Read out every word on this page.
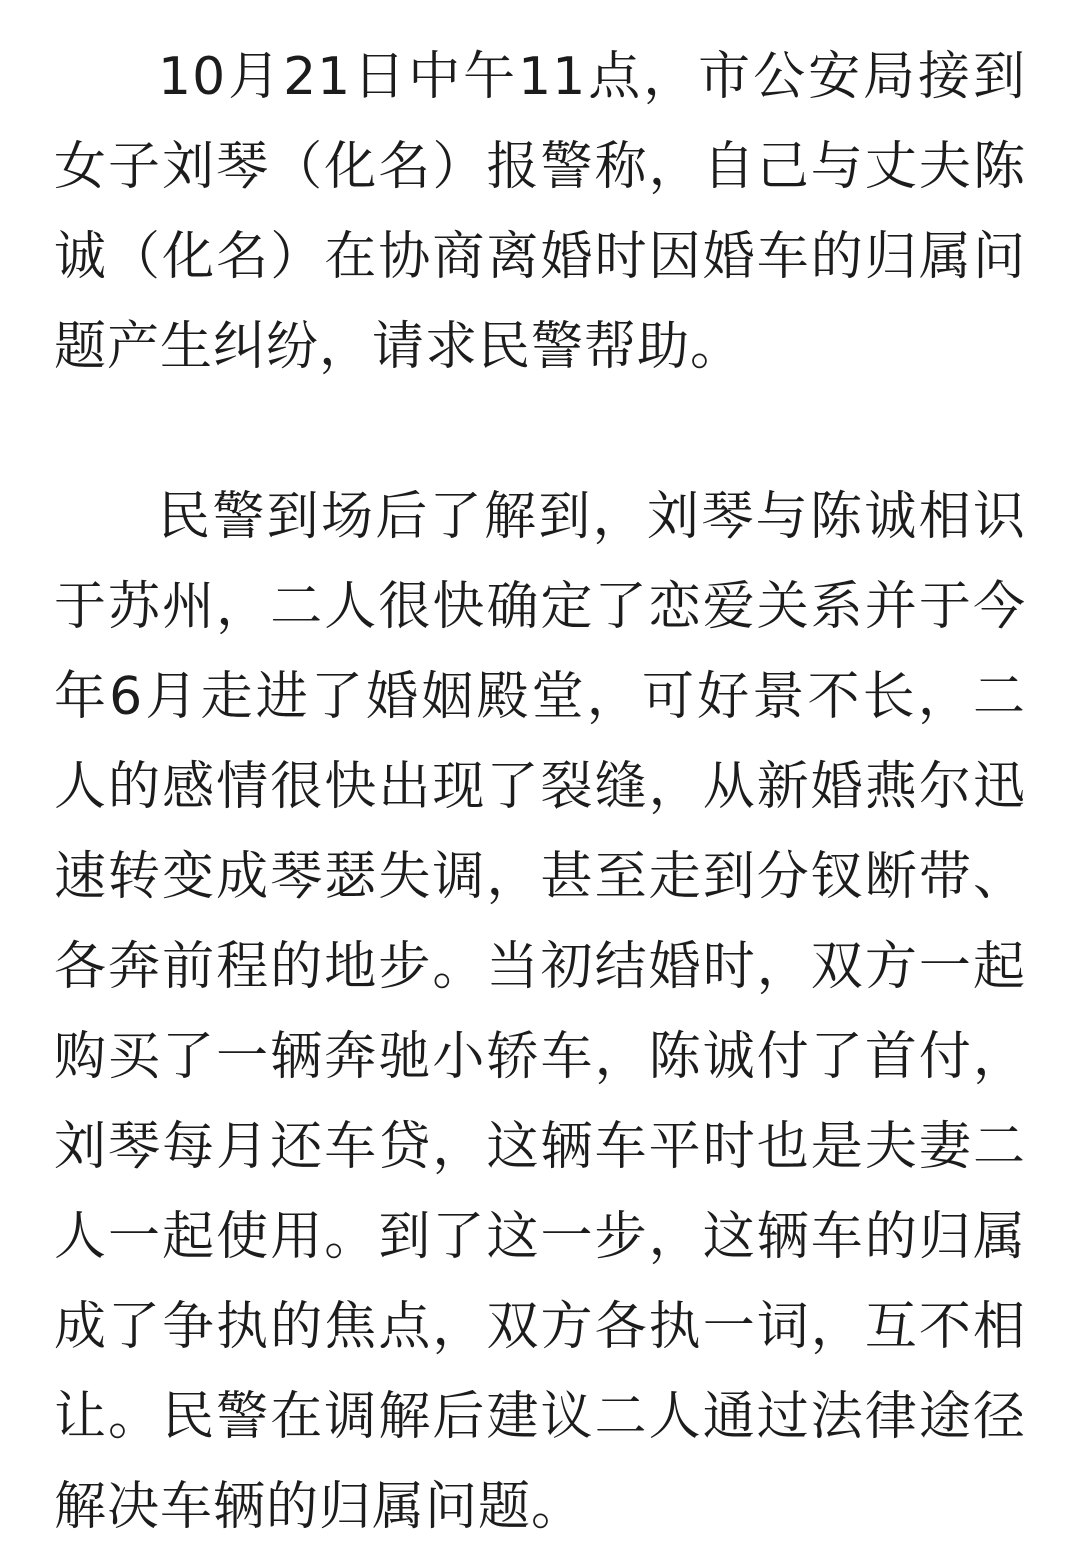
10月21日中午11点，市公安局接到女子刘琴（化名）报警称，自己与丈夫陈诚（化名）在协商离婚时因婚车的归属问题产生纠纷，请求民警帮助。

民警到场后了解到，刘琴与陈诚相识于苏州，二人很快确定了恋爱关系并于今年6月走进了婚姻殿堂，可好景不长，二人的感情很快出现了裂缝，从新婚燕尔迅速转变成琴瑟失调，甚至走到分钗断带、各奔前程的地步。当初结婚时，双方一起购买了一辆奔驰小轿车，陈诚付了首付，刘琴每月还车贷，这辆车平时也是夫妻二人一起使用。到了这一步，这辆车的归属成了争执的焦点，双方各执一词，互不相让。民警在调解后建议二人通过法律途径解决车辆的归属问题。
